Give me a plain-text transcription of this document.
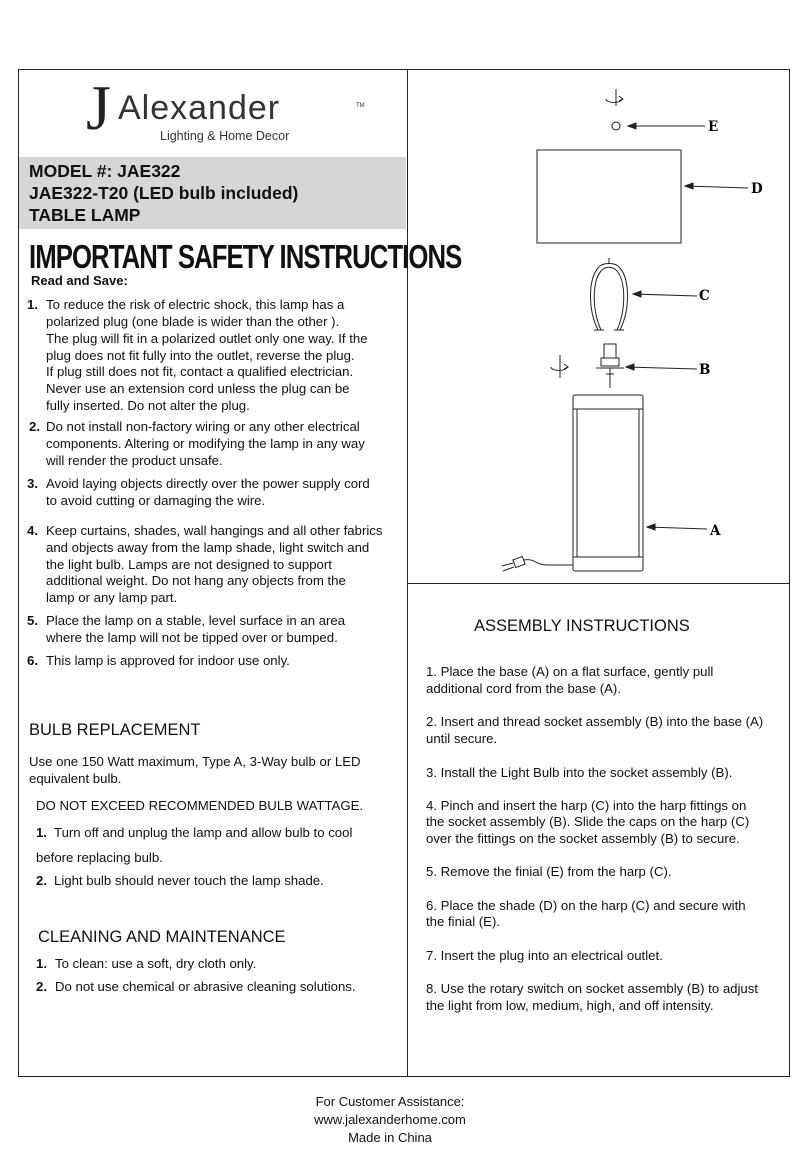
J Alexander	TM
Lighting & Home Decor
MODEL #: JAE322
JAE322-T20 (LED bulb included)
TABLE LAMP
IMPORTANT SAFETY INSTRUCTIONS
Read and Save:
1. To reduce the risk of electric shock, this lamp has a
polarized plug (one blade is wider than the other ).
The plug will fit in a polarized outlet only one way. If the
plug does not fit fully into the outlet, reverse the plug.
If plug still does not fit, contact a qualified electrician.
Never use an extension cord unless the plug can be
fully inserted. Do not alter the plug.
2. Do not install non-factory wiring or any other electrical
components. Altering or modifying the lamp in any way
will render the product unsafe.
3. Avoid laying objects directly over the power supply cord
to avoid cutting or damaging the wire.
4. Keep curtains, shades, wall hangings and all other fabrics
and objects away from the lamp shade, light switch and
the light bulb. Lamps are not designed to support
additional weight. Do not hang any objects from the
lamp or any lamp part.
5. Place the lamp on a stable, level surface in an area
where the lamp will not be tipped over or bumped.
6. This lamp is approved for indoor use only.
BULB REPLACEMENT
Use one 150 Watt maximum, Type A, 3-Way bulb or LED
equivalent bulb.
DO NOT EXCEED RECOMMENDED BULB WATTAGE.
1. Turn off and unplug the lamp and allow bulb to cool
before replacing bulb.
2. Light bulb should never touch the lamp shade.
CLEANING AND MAINTENANCE
1. To clean: use a soft, dry cloth only.
2. Do not use chemical or abrasive cleaning solutions.
E
D
C
B
A
ASSEMBLY INSTRUCTIONS
1. Place the base (A) on a flat surface, gently pull
additional cord from the base (A).
2. Insert and thread socket assembly (B) into the base (A)
until secure.
3. Install the Light Bulb into the socket assembly (B).
4. Pinch and insert the harp (C) into the harp fittings on
the socket assembly (B). Slide the caps on the harp (C)
over the fittings on the socket assembly (B) to secure.
5. Remove the finial (E) from the harp (C).
6. Place the shade (D) on the harp (C) and secure with
the finial (E).
7. Insert the plug into an electrical outlet.
8. Use the rotary switch on socket assembly (B) to adjust
the light from low, medium, high, and off intensity.
For Customer Assistance:
www.jalexanderhome.com
Made in China
